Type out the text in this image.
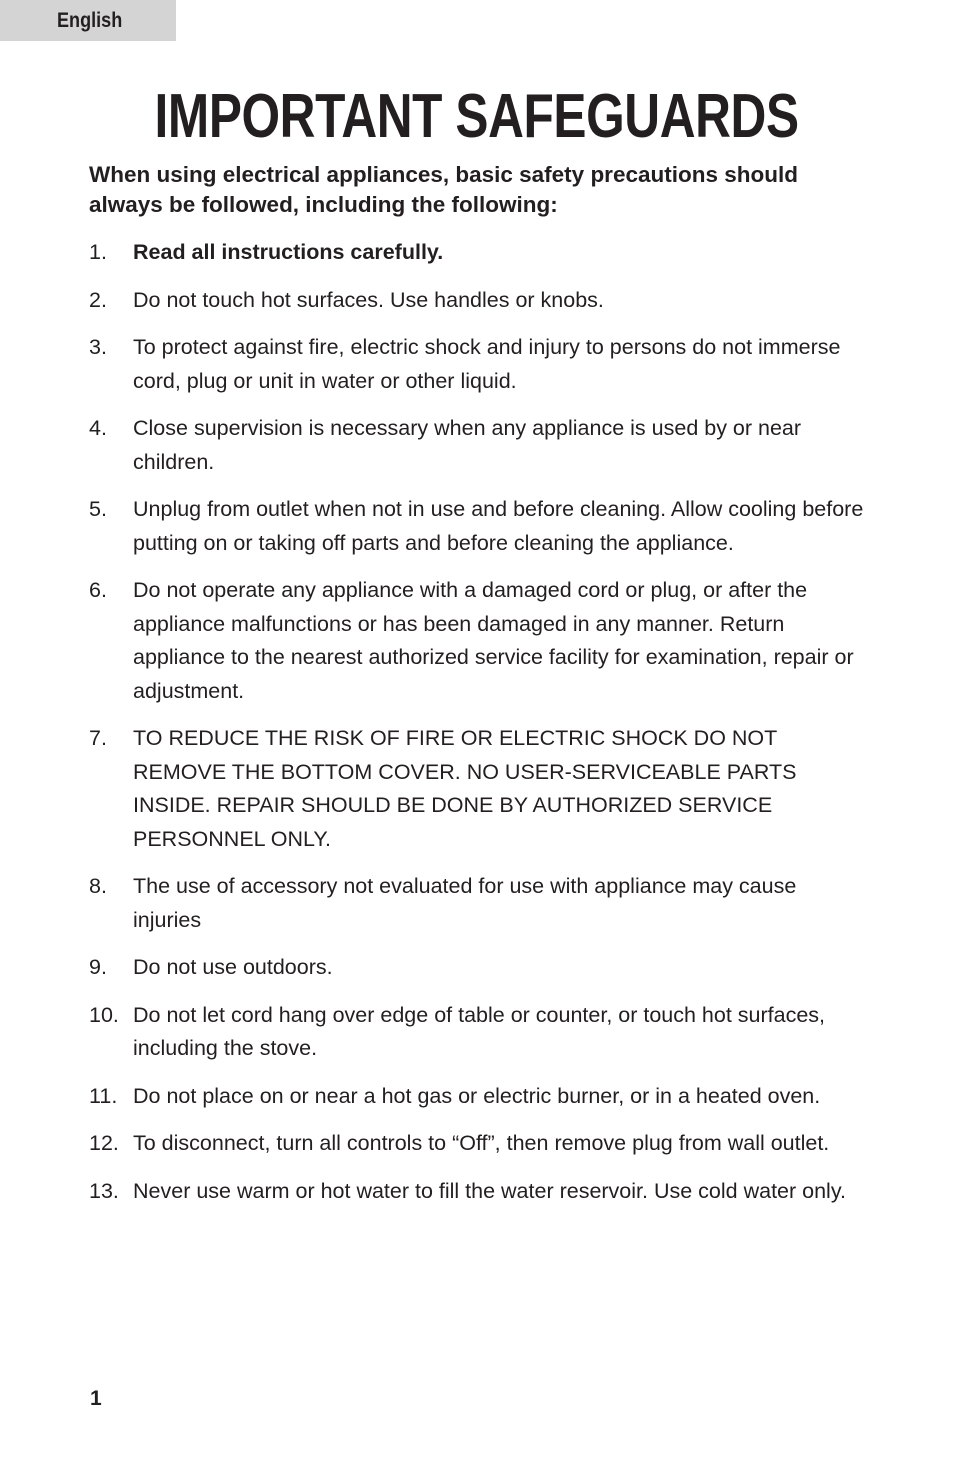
English
IMPORTANT SAFEGUARDS

When using electrical appliances, basic safety precautions should always be followed, including the following:

1.	Read all instructions carefully.
2.	Do not touch hot surfaces. Use handles or knobs.
3.	To protect against fire, electric shock and injury to persons do not immerse cord, plug or unit in water or other liquid.
4.	Close supervision is necessary when any appliance is used by or near children.
5.	Unplug from outlet when not in use and before cleaning. Allow cooling before putting on or taking off parts and before cleaning the appliance.
6.	Do not operate any appliance with a damaged cord or plug, or after the appliance malfunctions or has been damaged in any manner. Return appliance to the nearest authorized service facility for examination, repair or adjustment.
7.	TO REDUCE THE RISK OF FIRE OR ELECTRIC SHOCK DO NOT REMOVE THE BOTTOM COVER. NO USER-SERVICEABLE PARTS INSIDE. REPAIR SHOULD BE DONE BY AUTHORIZED SERVICE PERSONNEL ONLY.
8.	The use of accessory not evaluated for use with appliance may cause injuries
9.	Do not use outdoors.
10. Do not let cord hang over edge of table or counter, or touch hot surfaces, including the stove.
11. Do not place on or near a hot gas or electric burner, or in a heated oven.
12. To disconnect, turn all controls to “Off”, then remove plug from wall outlet.
13. Never use warm or hot water to fill the water reservoir. Use cold water only.
1
